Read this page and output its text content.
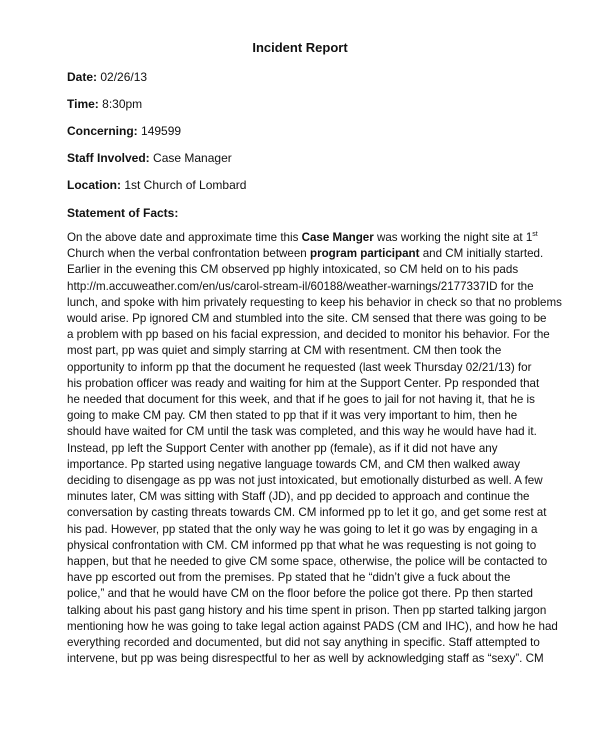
Incident Report
Date: 02/26/13
Time: 8:30pm
Concerning: 149599
Staff Involved: Case Manager
Location: 1st Church of Lombard
Statement of Facts:
On the above date and approximate time this Case Manger was working the night site at 1st
Church when the verbal confrontation between program participant and CM initially started.
Earlier in the evening this CM observed pp highly intoxicated, so CM held on to his pads
http://m.accuweather.com/en/us/carol-stream-il/60188/weather-warnings/2177337ID for the
lunch, and spoke with him privately requesting to keep his behavior in check so that no problems
would arise. Pp ignored CM and stumbled into the site. CM sensed that there was going to be
a problem with pp based on his facial expression, and decided to monitor his behavior. For the
most part, pp was quiet and simply starring at CM with resentment. CM then took the
opportunity to inform pp that the document he requested (last week Thursday 02/21/13) for
his probation officer was ready and waiting for him at the Support Center. Pp responded that
he needed that document for this week, and that if he goes to jail for not having it, that he is
going to make CM pay. CM then stated to pp that if it was very important to him, then he
should have waited for CM until the task was completed, and this way he would have had it.
Instead, pp left the Support Center with another pp (female), as if it did not have any
importance. Pp started using negative language towards CM, and CM then walked away
deciding to disengage as pp was not just intoxicated, but emotionally disturbed as well. A few
minutes later, CM was sitting with Staff (JD), and pp decided to approach and continue the
conversation by casting threats towards CM. CM informed pp to let it go, and get some rest at
his pad. However, pp stated that the only way he was going to let it go was by engaging in a
physical confrontation with CM. CM informed pp that what he was requesting is not going to
happen, but that he needed to give CM some space, otherwise, the police will be contacted to
have pp escorted out from the premises. Pp stated that he “didn’t give a fuck about the
police,” and that he would have CM on the floor before the police got there. Pp then started
talking about his past gang history and his time spent in prison. Then pp started talking jargon
mentioning how he was going to take legal action against PADS (CM and IHC), and how he had
everything recorded and documented, but did not say anything in specific. Staff attempted to
intervene, but pp was being disrespectful to her as well by acknowledging staff as “sexy”. CM
